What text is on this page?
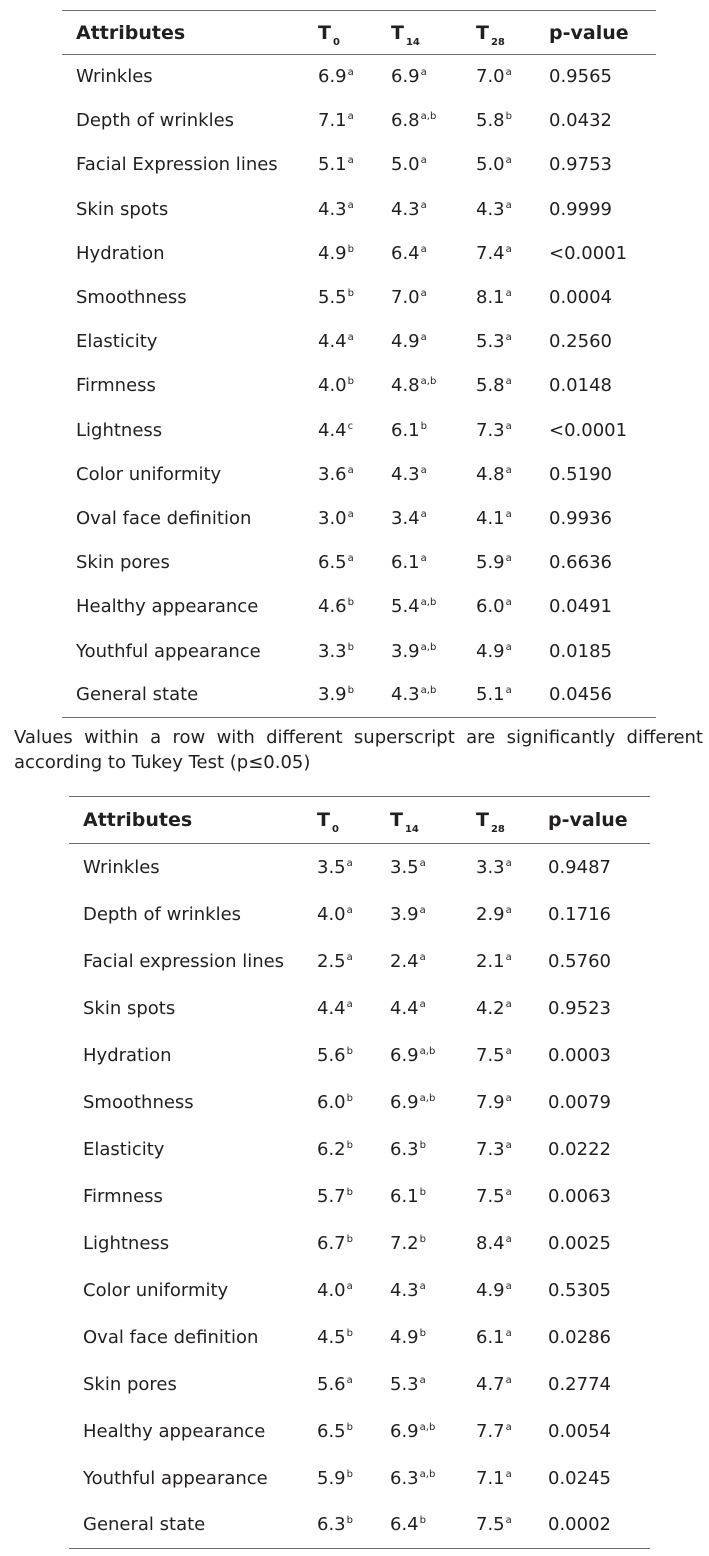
Attributes	T $_0$	T $_{14}$	T $_{28}$	p-value
Wrinkles	6.9$^a$	6.9$^a$	7.0$^a$	0.9565
Depth of wrinkles	7.1$^a$	6.8$^{a,b}$	5.8$^b$	0.0432
Facial Expression lines	5.1$^a$	5.0$^a$	5.0$^a$	0.9753
Skin spots	4.3$^a$	4.3$^a$	4.3$^a$	0.9999
Hydration	4.9$^b$	6.4$^a$	7.4$^a$	<0.0001
Smoothness	5.5$^b$	7.0$^a$	8.1$^a$	0.0004
Elasticity	4.4$^a$	4.9$^a$	5.3$^a$	0.2560
Firmness	4.0$^b$	4.8$^{a,b}$	5.8$^a$	0.0148
Lightness	4.4$^c$	6.1$^b$	7.3$^a$	<0.0001
Color uniformity	3.6$^a$	4.3$^a$	4.8$^a$	0.5190
Oval face definition	3.0$^a$	3.4$^a$	4.1$^a$	0.9936
Skin pores	6.5$^a$	6.1$^a$	5.9$^a$	0.6636
Healthy appearance	4.6$^b$	5.4$^{a,b}$	6.0$^a$	0.0491
Youthful appearance	3.3$^b$	3.9$^{a,b}$	4.9$^a$	0.0185
General state	3.9$^b$	4.3$^{a,b}$	5.1$^a$	0.0456

Values within a row with different superscript are significantly different according to Tukey Test (p≤0.05)

Attributes	T $_0$	T $_{14}$	T $_{28}$	p-value
Wrinkles	3.5$^a$	3.5$^a$	3.3$^a$	0.9487
Depth of wrinkles	4.0$^a$	3.9$^a$	2.9$^a$	0.1716
Facial expression lines	2.5$^a$	2.4$^a$	2.1$^a$	0.5760
Skin spots	4.4$^a$	4.4$^a$	4.2$^a$	0.9523
Hydration	5.6$^b$	6.9$^{a,b}$	7.5$^a$	0.0003
Smoothness	6.0$^b$	6.9$^{a,b}$	7.9$^a$	0.0079
Elasticity	6.2$^b$	6.3$^b$	7.3$^a$	0.0222
Firmness	5.7$^b$	6.1$^b$	7.5$^a$	0.0063
Lightness	6.7$^b$	7.2$^b$	8.4$^a$	0.0025
Color uniformity	4.0$^a$	4.3$^a$	4.9$^a$	0.5305
Oval face definition	4.5$^b$	4.9$^b$	6.1$^a$	0.0286
Skin pores	5.6$^a$	5.3$^a$	4.7$^a$	0.2774
Healthy appearance	6.5$^b$	6.9$^{a,b}$	7.7$^a$	0.0054
Youthful appearance	5.9$^b$	6.3$^{a,b}$	7.1$^a$	0.0245
General state	6.3$^b$	6.4$^b$	7.5$^a$	0.0002
